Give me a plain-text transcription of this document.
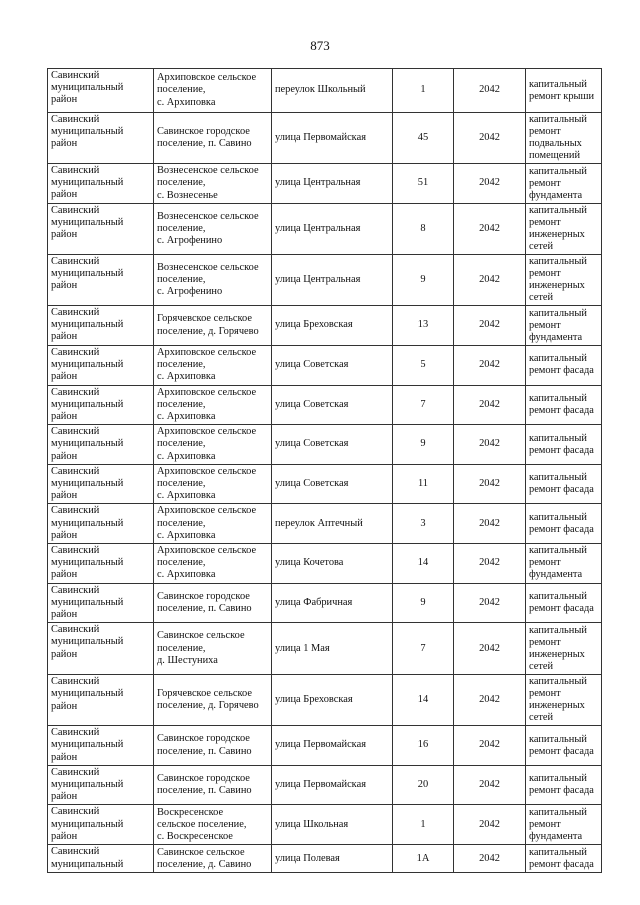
873
Савинский
муниципальный
район	Архиповское сельское
поселение,
с. Архиповка	переулок Школьный	1	2042	капитальный
ремонт крыши

Савинский
муниципальный
район	Савинское городское
поселение, п. Савино	улица Первомайская	45	2042	капитальный
ремонт
подвальных
помещений

Савинский
муниципальный
район	Вознесенское сельское
поселение,
с. Вознесенье	улица Центральная	51	2042	капитальный
ремонт
фундамента

Савинский
муниципальный
район	Вознесенское сельское
поселение,
с. Агрофенино	улица Центральная	8	2042	капитальный
ремонт
инженерных
сетей

Савинский
муниципальный
район	Вознесенское сельское
поселение,
с. Агрофенино	улица Центральная	9	2042	капитальный
ремонт
инженерных
сетей

Савинский
муниципальный
район	Горячевское сельское
поселение, д. Горячево	улица Бреховская	13	2042	капитальный
ремонт
фундамента

Савинский
муниципальный
район	Архиповское сельское
поселение,
с. Архиповка	улица Советская	5	2042	капитальный
ремонт фасада

Савинский
муниципальный
район	Архиповское сельское
поселение,
с. Архиповка	улица Советская	7	2042	капитальный
ремонт фасада

Савинский
муниципальный
район	Архиповское сельское
поселение,
с. Архиповка	улица Советская	9	2042	капитальный
ремонт фасада

Савинский
муниципальный
район	Архиповское сельское
поселение,
с. Архиповка	улица Советская	11	2042	капитальный
ремонт фасада

Савинский
муниципальный
район	Архиповское сельское
поселение,
с. Архиповка	переулок Аптечный	3	2042	капитальный
ремонт фасада

Савинский
муниципальный
район	Архиповское сельское
поселение,
с. Архиповка	улица Кочетова	14	2042	капитальный
ремонт
фундамента

Савинский
муниципальный
район	Савинское городское
поселение, п. Савино	улица Фабричная	9	2042	капитальный
ремонт фасада

Савинский
муниципальный
район	Савинское сельское
поселение,
д. Шестуниха	улица 1 Мая	7	2042	капитальный
ремонт
инженерных
сетей

Савинский
муниципальный
район	Горячевское сельское
поселение, д. Горячево	улица Бреховская	14	2042	капитальный
ремонт
инженерных
сетей

Савинский
муниципальный
район	Савинское городское
поселение, п. Савино	улица Первомайская	16	2042	капитальный
ремонт фасада

Савинский
муниципальный
район	Савинское городское
поселение, п. Савино	улица Первомайская	20	2042	капитальный
ремонт фасада

Савинский
муниципальный
район	Воскресенское
сельское поселение,
с. Воскресенское	улица Школьная	1	2042	капитальный
ремонт
фундамента

Савинский
муниципальный	Савинское сельское
поселение, д. Савино	улица Полевая	1А	2042	капитальный
ремонт фасада
